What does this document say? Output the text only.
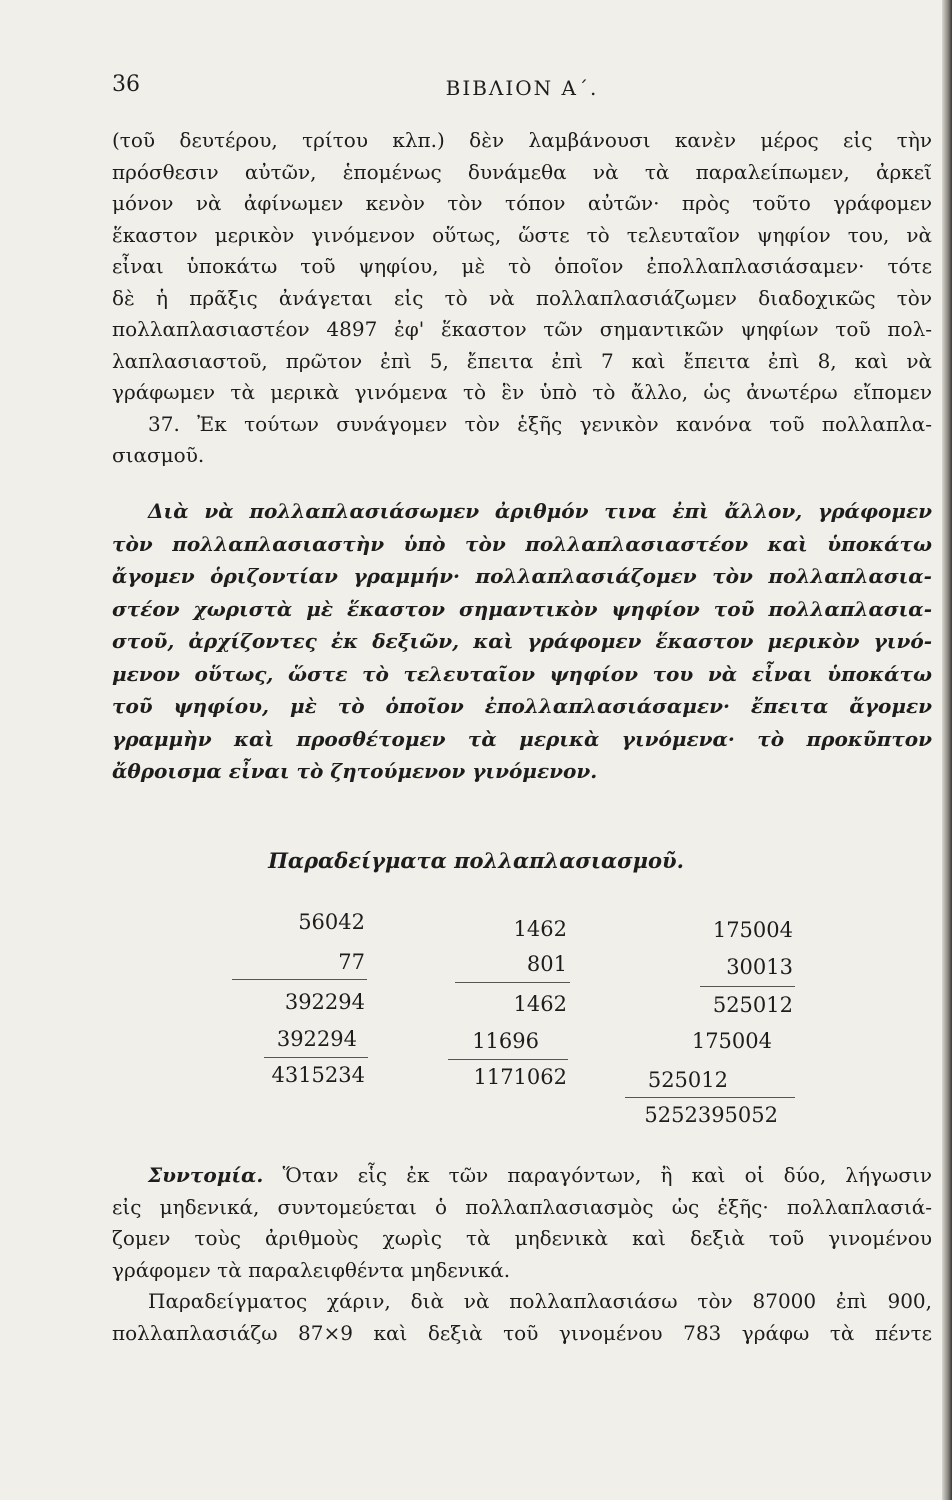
36	ΒΙΒΛΙΟΝ Α΄.
(τοῦ δευτέρου, τρίτου κλπ.) δὲν λαμβάνουσι κανὲν μέρος εἰς τὴν
πρόσθεσιν αὐτῶν, ἑπομένως δυνάμεθα νὰ τὰ παραλείπωμεν, ἀρκεῖ
μόνον νὰ ἀφίνωμεν κενὸν τὸν τόπον αὐτῶν· πρὸς τοῦτο γράφομεν
ἕκαστον μερικὸν γινόμενον οὕτως, ὥστε τὸ τελευταῖον ψηφίον του, νὰ
εἶναι ὑποκάτω τοῦ ψηφίου, μὲ τὸ ὁποῖον ἐπολλαπλασιάσαμεν· τότε
δὲ ἡ πρᾶξις ἀνάγεται εἰς τὸ νὰ πολλαπλασιάζωμεν διαδοχικῶς τὸν
πολλαπλασιαστέον 4897 ἐφ' ἕκαστον τῶν σημαντικῶν ψηφίων τοῦ πολ-
λαπλασιαστοῦ, πρῶτον ἐπὶ 5, ἔπειτα ἐπὶ 7 καὶ ἔπειτα ἐπὶ 8, καὶ νὰ
γράφωμεν τὰ μερικὰ γινόμενα τὸ ἓν ὑπὸ τὸ ἄλλο, ὡς ἀνωτέρω εἴπομεν
37. Ἐκ τούτων συνάγομεν τὸν ἑξῆς γενικὸν κανόνα τοῦ πολλαπλα-
σιασμοῦ.
Διὰ νὰ πολλαπλασιάσωμεν ἀριθμόν τινα ἐπὶ ἄλλον, γράφομεν
τὸν πολλαπλασιαστὴν ὑπὸ τὸν πολλαπλασιαστέον καὶ ὑποκάτω
ἄγομεν ὁριζοντίαν γραμμήν· πολλαπλασιάζομεν τὸν πολλαπλασια-
στέον χωριστὰ μὲ ἕκαστον σημαντικὸν ψηφίον τοῦ πολλαπλασια-
στοῦ, ἀρχίζοντες ἐκ δεξιῶν, καὶ γράφομεν ἕκαστον μερικὸν γινό-
μενον οὕτως, ὥστε τὸ τελευταῖον ψηφίον του νὰ εἶναι ὑποκάτω
τοῦ ψηφίου, μὲ τὸ ὁποῖον ἐπολλαπλασιάσαμεν· ἔπειτα ἄγομεν
γραμμὴν καὶ προσθέτομεν τὰ μερικὰ γινόμενα· τὸ προκῦπτον
ἄθροισμα εἶναι τὸ ζητούμενον γινόμενον.
Παραδείγματα πολλαπλασιασμοῦ.
56042
77
392294
392294
4315234
1462
801
1462
11696
1171062
175004
30013
525012
175004
525012
5252395052
Συντομία. Ὅταν εἷς ἐκ τῶν παραγόντων, ἢ καὶ οἱ δύο, λήγωσιν
εἰς μηδενικά, συντομεύεται ὁ πολλαπλασιασμὸς ὡς ἑξῆς· πολλαπλασιά-
ζομεν τοὺς ἀριθμοὺς χωρὶς τὰ μηδενικὰ καὶ δεξιὰ τοῦ γινομένου
γράφομεν τὰ παραλειφθέντα μηδενικά.
Παραδείγματος χάριν, διὰ νὰ πολλαπλασιάσω τὸν 87000 ἐπὶ 900,
πολλαπλασιάζω 87×9 καὶ δεξιὰ τοῦ γινομένου 783 γράφω τὰ πέντε
